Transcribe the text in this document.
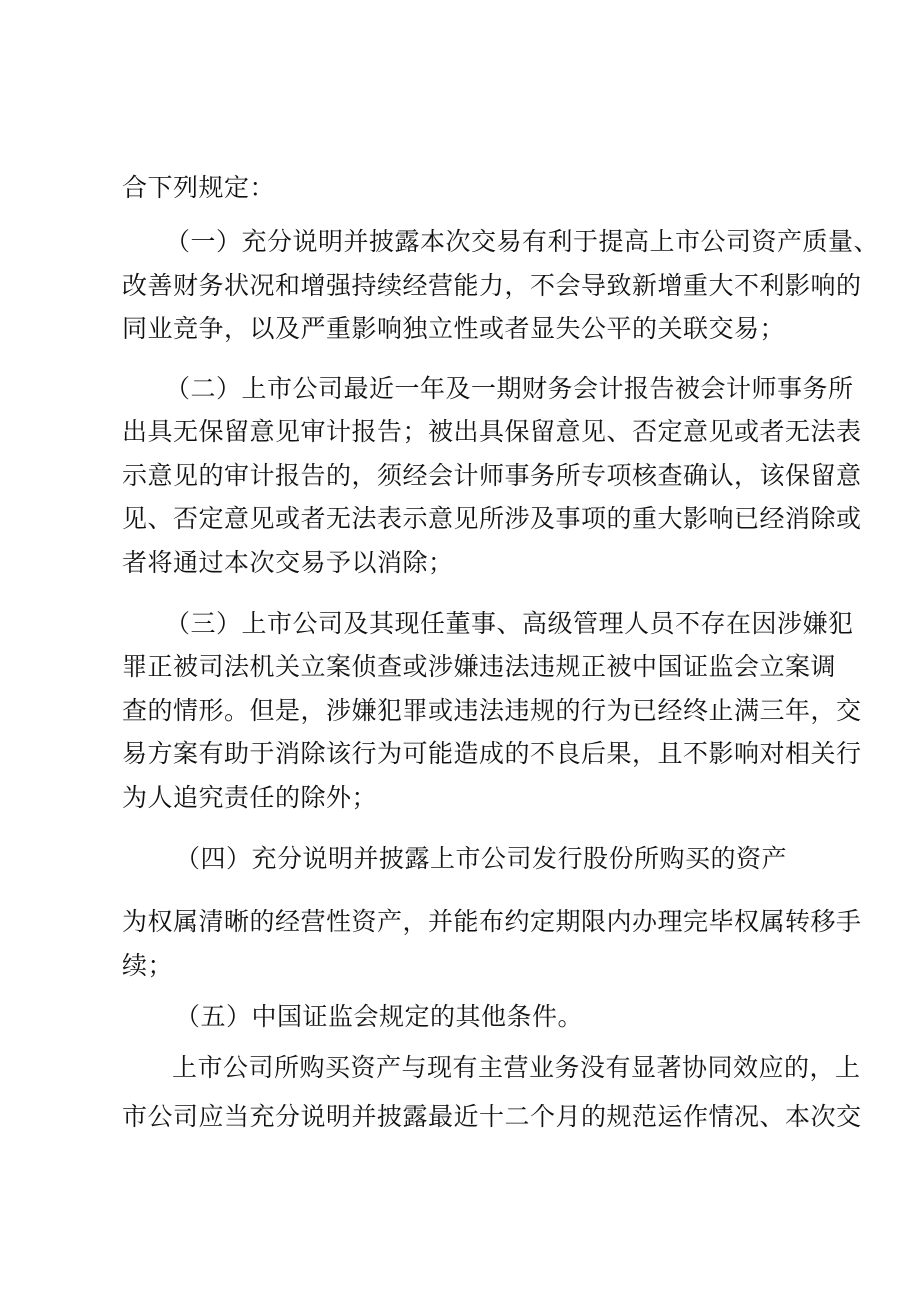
合下列规定：

（一）充分说明并披露本次交易有利于提高上市公司资产质量、

改善财务状况和增强持续经营能力，不会导致新增重大不利影响的

同业竞争，以及严重影响独立性或者显失公平的关联交易；

（二）上市公司最近一年及一期财务会计报告被会计师事务所

出具无保留意见审计报告；被出具保留意见、否定意见或者无法表

示意见的审计报告的，须经会计师事务所专项核查确认，该保留意

见、否定意见或者无法表示意见所涉及事项的重大影响已经消除或

者将通过本次交易予以消除；

（三）上市公司及其现任董事、高级管理人员不存在因涉嫌犯

罪正被司法机关立案侦查或涉嫌违法违规正被中国证监会立案调

查的情形。但是，涉嫌犯罪或违法违规的行为已经终止满三年，交

易方案有助于消除该行为可能造成的不良后果，且不影响对相关行

为人追究责任的除外；

（四）充分说明并披露上市公司发行股份所购买的资产

为权属清晰的经营性资产，并能布约定期限内办理完毕权属转移手

续；

（五）中国证监会规定的其他条件。

上市公司所购买资产与现有主营业务没有显著协同效应的，上

市公司应当充分说明并披露最近十二个月的规范运作情况、本次交
